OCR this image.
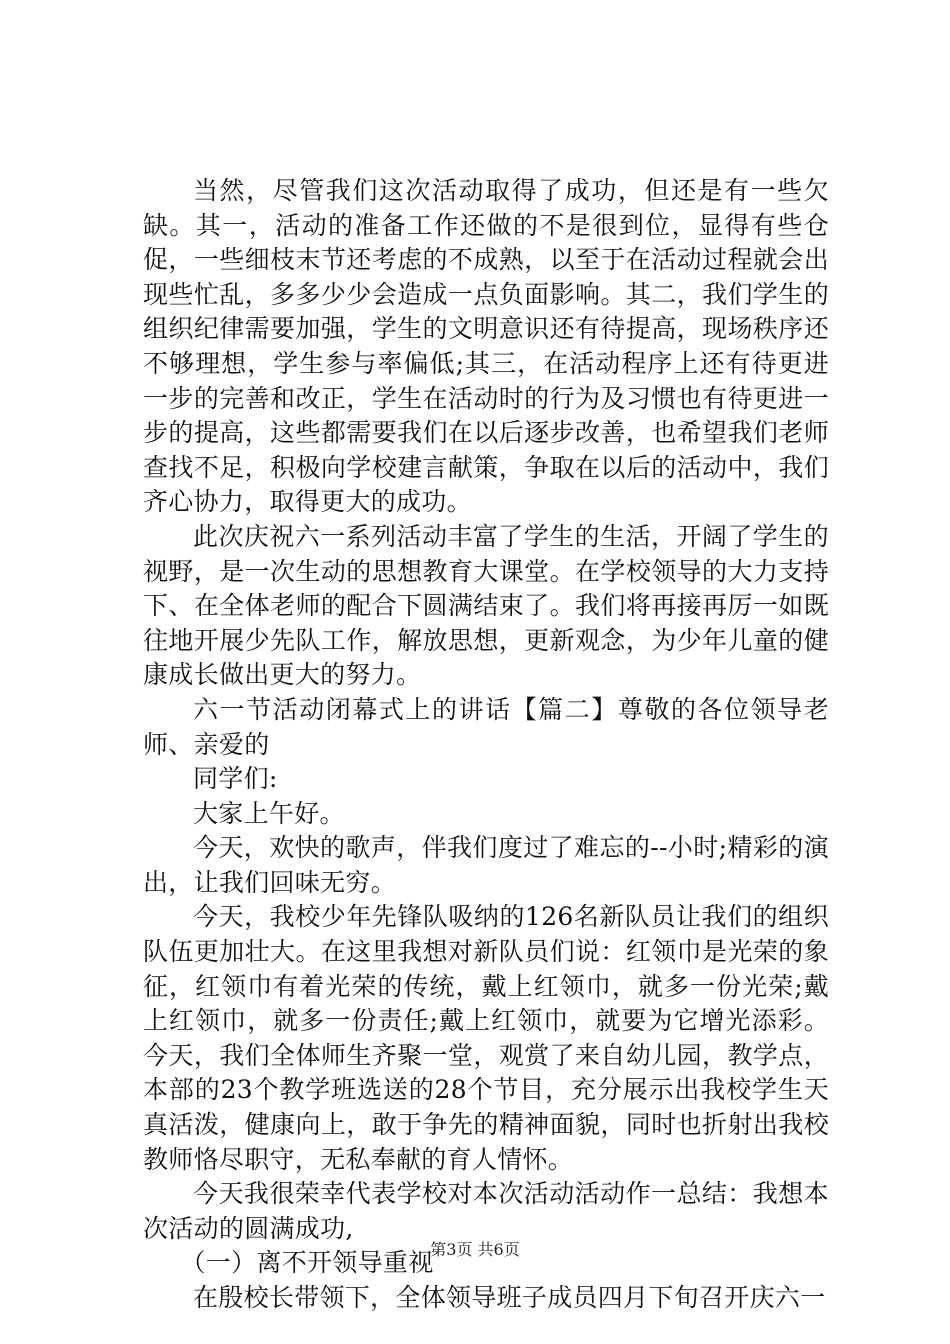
当然，尽管我们这次活动取得了成功，但还是有一些欠缺。其一，活动的准备工作还做的不是很到位，显得有些仓促，一些细枝末节还考虑的不成熟，以至于在活动过程就会出现些忙乱，多多少少会造成一点负面影响。其二，我们学生的组织纪律需要加强，学生的文明意识还有待提高，现场秩序还不够理想，学生参与率偏低;其三，在活动程序上还有待更进一步的完善和改正，学生在活动时的行为及习惯也有待更进一步的提高，这些都需要我们在以后逐步改善，也希望我们老师查找不足，积极向学校建言献策，争取在以后的活动中，我们齐心协力，取得更大的成功。

此次庆祝六一系列活动丰富了学生的生活，开阔了学生的视野，是一次生动的思想教育大课堂。在学校领导的大力支持下、在全体老师的配合下圆满结束了。我们将再接再厉一如既往地开展少先队工作，解放思想，更新观念，为少年儿童的健康成长做出更大的努力。

六一节活动闭幕式上的讲话【篇二】尊敬的各位领导老师、亲爱的

同学们:

大家上午好。

今天，欢快的歌声，伴我们度过了难忘的--小时;精彩的演出，让我们回味无穷。

今天，我校少年先锋队吸纳的126名新队员让我们的组织队伍更加壮大。在这里我想对新队员们说：红领巾是光荣的象征，红领巾有着光荣的传统，戴上红领巾，就多一份光荣;戴上红领巾，就多一份责任;戴上红领巾，就要为它增光添彩。今天，我们全体师生齐聚一堂，观赏了来自幼儿园，教学点，本部的23个教学班选送的28个节目，充分展示出我校学生天真活泼，健康向上，敢于争先的精神面貌，同时也折射出我校教师恪尽职守，无私奉献的育人情怀。

今天我很荣幸代表学校对本次活动活动作一总结：我想本次活动的圆满成功,

（一）离不开领导重视

在殷校长带领下，全体领导班子成员四月下旬召开庆六一

第3页 共6页
